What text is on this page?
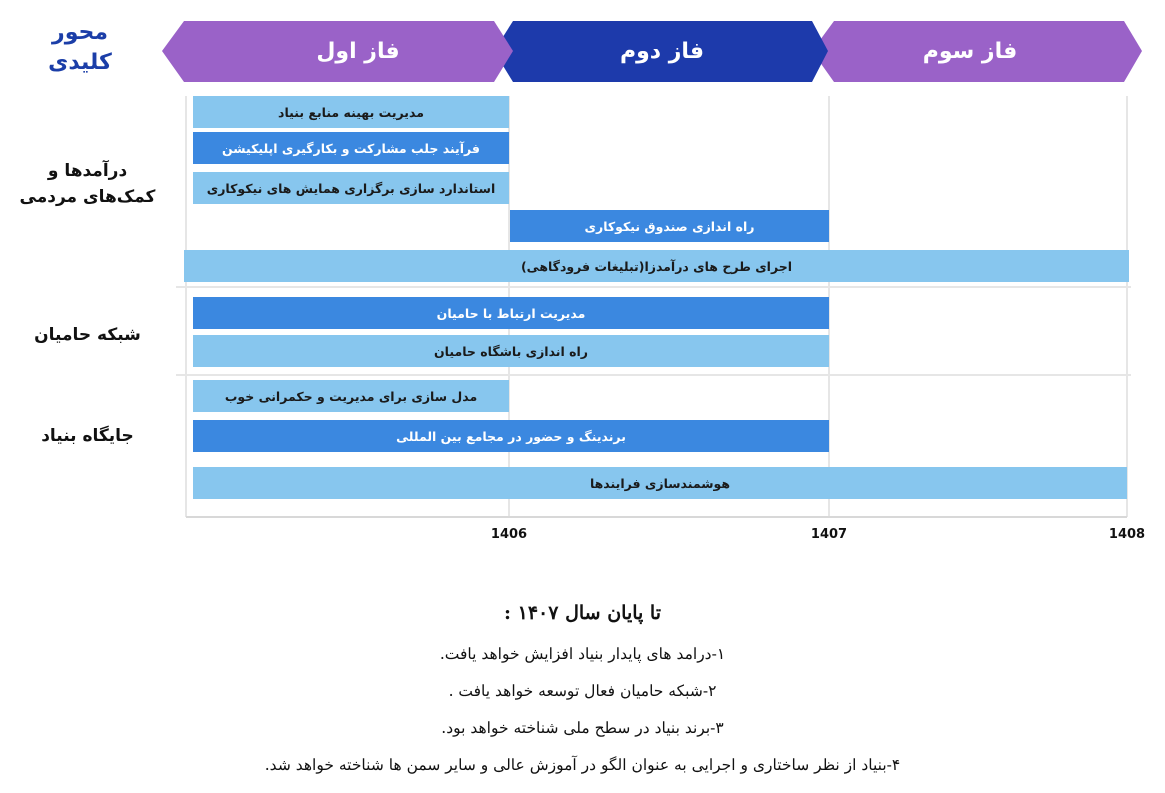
فاز سوم
فاز دوم
فاز اول
محور کلیدی
1406	1407	1408
درآمدها و کمک‌های مردمی
مدیریت بهینه منابع بنیاد
فرآیند جلب مشارکت و بکارگیری اپلیکیشن
استاندارد سازی برگزاری همایش های نیکوکاری
راه اندازی صندوق نیکوکاری
اجرای طرح های درآمدزا(تبلیغات فرودگاهی)
شبکه حامیان
مدیریت ارتباط با حامیان
راه اندازی باشگاه حامیان
جایگاه بنیاد
مدل سازی برای مدیریت و حکمرانی خوب
برندینگ و حضور در مجامع بین المللی
هوشمندسازی فرایندها
تا پایان سال ۱۴۰۷ :
۱-درامد های پایدار بنیاد افزایش خواهد یافت.
۲-شبکه حامیان فعال توسعه خواهد یافت .
۳-برند بنیاد در سطح ملی شناخته خواهد بود.
۴-بنیاد از نظر ساختاری و اجرایی به عنوان الگو در آموزش عالی و سایر سمن ها شناخته خواهد شد.
